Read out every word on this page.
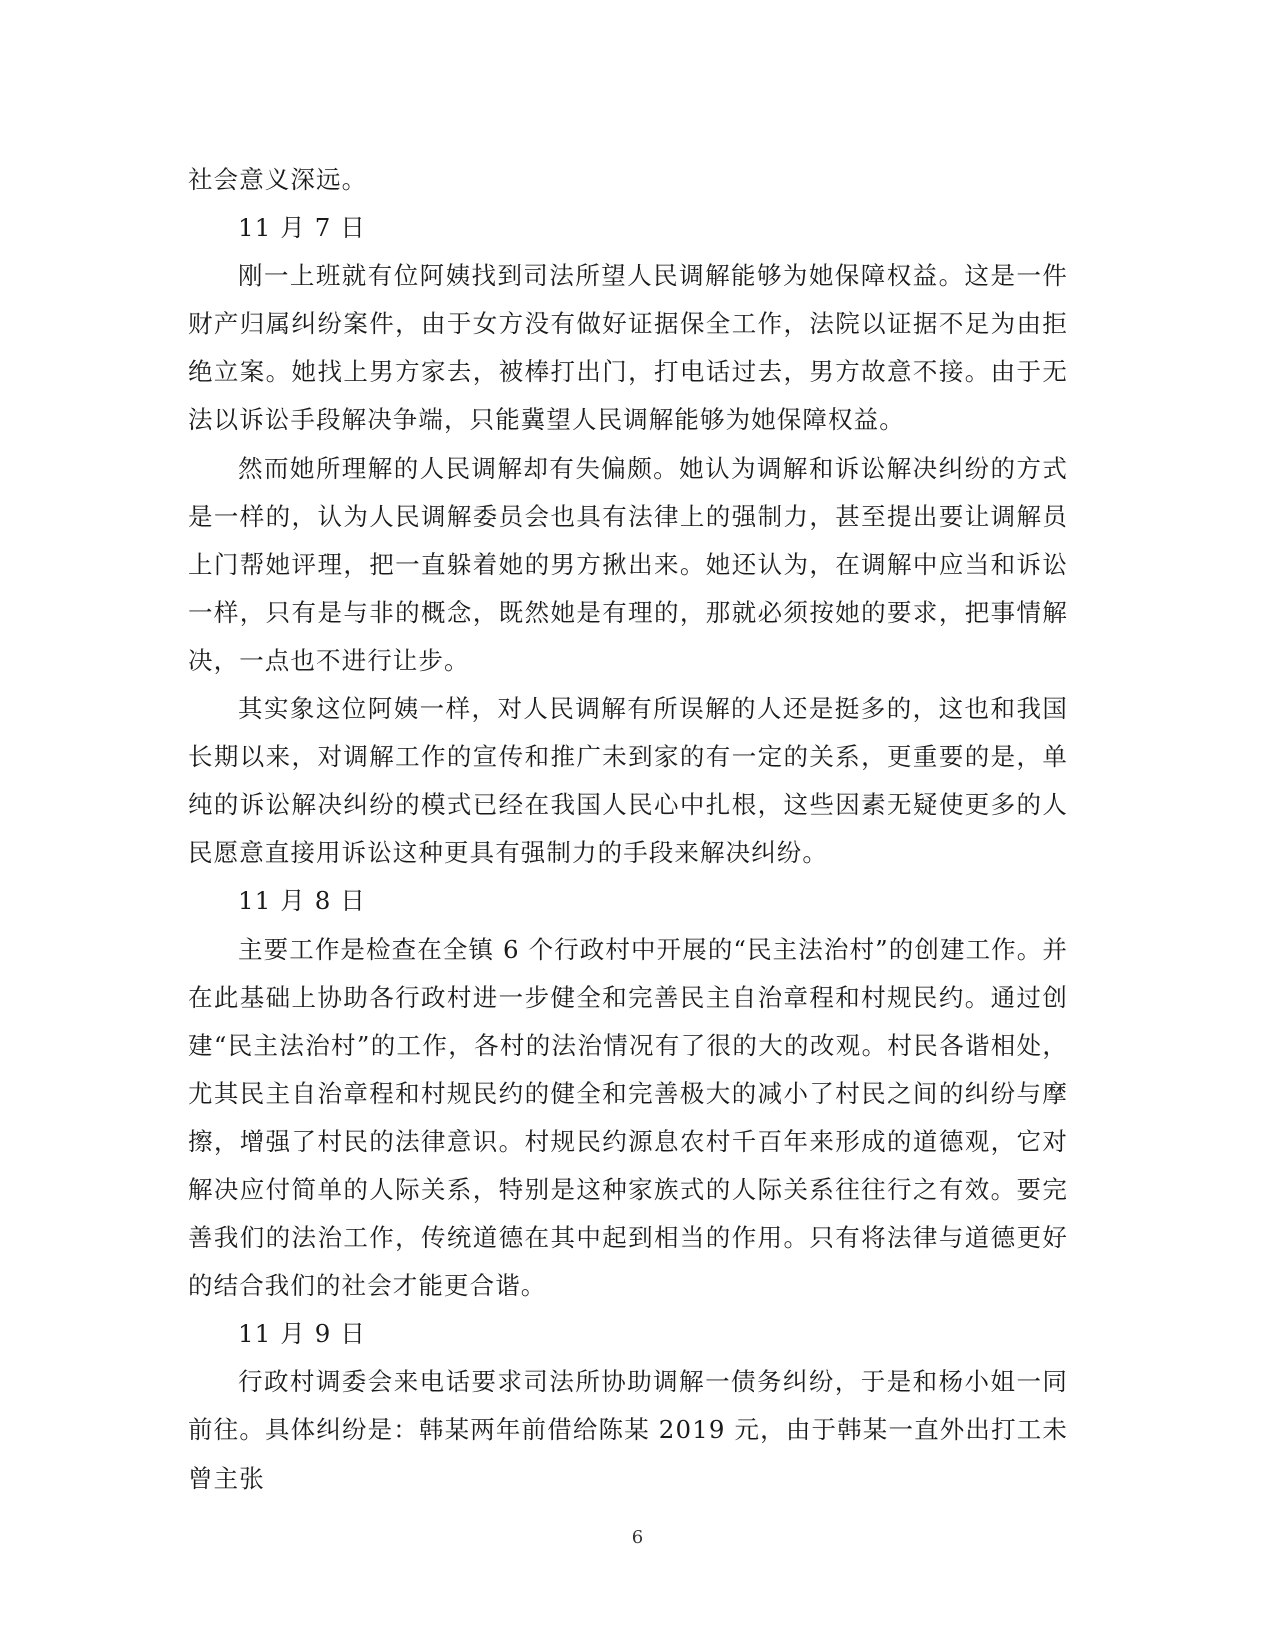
社会意义深远。

11 月 7 日

刚一上班就有位阿姨找到司法所望人民调解能够为她保障权益。这是一件财产归属纠纷案件，由于女方没有做好证据保全工作，法院以证据不足为由拒绝立案。她找上男方家去，被棒打出门，打电话过去，男方故意不接。由于无法以诉讼手段解决争端，只能冀望人民调解能够为她保障权益。

然而她所理解的人民调解却有失偏颇。她认为调解和诉讼解决纠纷的方式是一样的，认为人民调解委员会也具有法律上的强制力，甚至提出要让调解员上门帮她评理，把一直躲着她的男方揪出来。她还认为，在调解中应当和诉讼一样，只有是与非的概念，既然她是有理的，那就必须按她的要求，把事情解决，一点也不进行让步。

其实象这位阿姨一样，对人民调解有所误解的人还是挺多的，这也和我国长期以来，对调解工作的宣传和推广未到家的有一定的关系，更重要的是，单纯的诉讼解决纠纷的模式已经在我国人民心中扎根，这些因素无疑使更多的人民愿意直接用诉讼这种更具有强制力的手段来解决纠纷。

11 月 8 日

主要工作是检查在全镇 6 个行政村中开展的“民主法治村”的创建工作。并在此基础上协助各行政村进一步健全和完善民主自治章程和村规民约。通过创建“民主法治村”的工作，各村的法治情况有了很的大的改观。村民各谐相处，尤其民主自治章程和村规民约的健全和完善极大的减小了村民之间的纠纷与摩擦，增强了村民的法律意识。村规民约源息农村千百年来形成的道德观，它对解决应付简单的人际关系，特别是这种家族式的人际关系往往行之有效。要完善我们的法治工作，传统道德在其中起到相当的作用。只有将法律与道德更好的结合我们的社会才能更合谐。

11 月 9 日

行政村调委会来电话要求司法所协助调解一债务纠纷，于是和杨小姐一同前往。具体纠纷是：韩某两年前借给陈某 2019 元，由于韩某一直外出打工未曾主张

6
